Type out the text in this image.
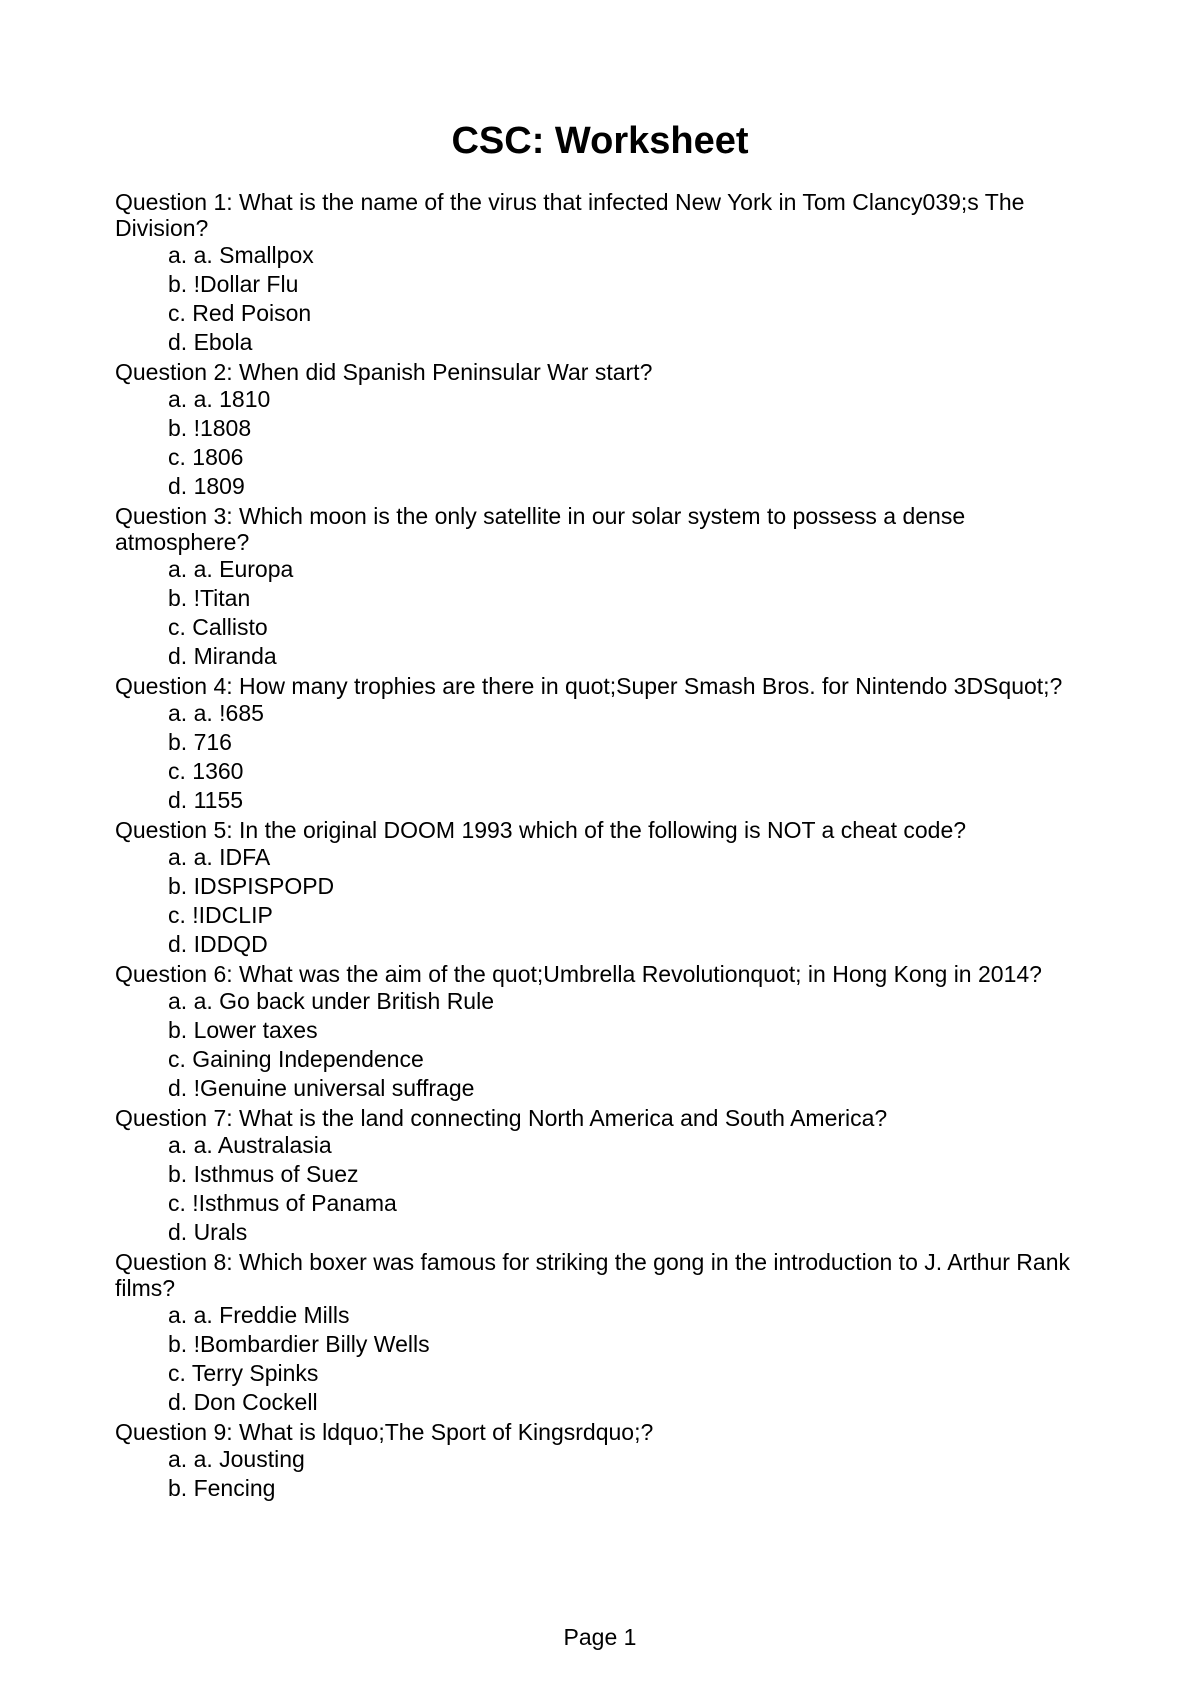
CSC: Worksheet

Question 1: What is the name of the virus that infected New York in Tom Clancy039;s The Division?

a. a. Smallpox
b. !Dollar Flu
c. Red Poison
d. Ebola

Question 2: When did Spanish Peninsular War start?

a. a. 1810
b. !1808
c. 1806
d. 1809

Question 3: Which moon is the only satellite in our solar system to possess a dense atmosphere?

a. a. Europa
b. !Titan
c. Callisto
d. Miranda

Question 4: How many trophies are there in quot;Super Smash Bros. for Nintendo 3DSquot;?

a. a. !685
b. 716
c. 1360
d. 1155

Question 5: In the original DOOM 1993 which of the following is NOT a cheat code?

a. a. IDFA
b. IDSPISPOPD
c. !IDCLIP
d. IDDQD

Question 6: What was the aim of the quot;Umbrella Revolutionquot; in Hong Kong in 2014?

a. a. Go back under British Rule
b. Lower taxes
c. Gaining Independence
d. !Genuine universal suffrage

Question 7: What is the land connecting North America and South America?

a. a. Australasia
b. Isthmus of Suez
c. !Isthmus of Panama
d. Urals

Question 8: Which boxer was famous for striking the gong in the introduction to J. Arthur Rank films?

a. a. Freddie Mills
b. !Bombardier Billy Wells
c. Terry Spinks
d. Don Cockell

Question 9: What is ldquo;The Sport of Kingsrdquo;?

a. a. Jousting
b. Fencing
Page 1
